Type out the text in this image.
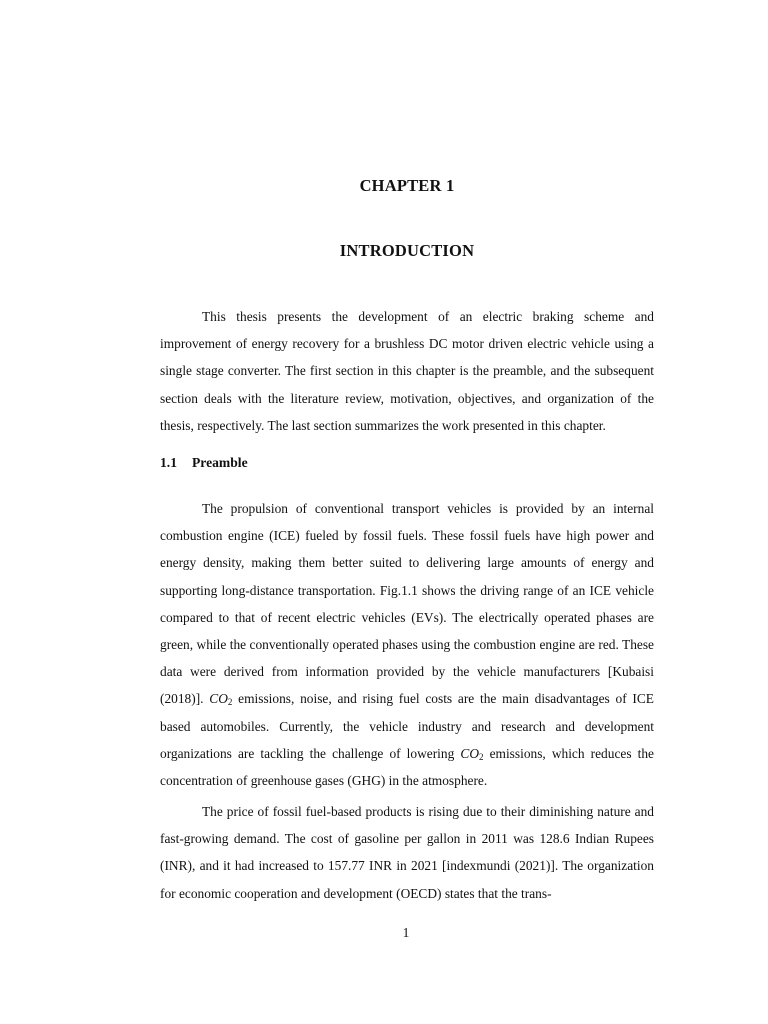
CHAPTER 1
INTRODUCTION

This thesis presents the development of an electric braking scheme and improvement of energy recovery for a brushless DC motor driven electric vehicle using a single stage converter. The first section in this chapter is the preamble, and the subsequent section deals with the literature review, motivation, objectives, and organization of the thesis, respectively. The last section summarizes the work presented in this chapter.

1.1 Preamble

The propulsion of conventional transport vehicles is provided by an internal combustion engine (ICE) fueled by fossil fuels. These fossil fuels have high power and energy density, making them better suited to delivering large amounts of energy and supporting long-distance transportation. Fig.1.1 shows the driving range of an ICE vehicle compared to that of recent electric vehicles (EVs). The electrically operated phases are green, while the conventionally operated phases using the combustion engine are red. These data were derived from information provided by the vehicle manufacturers [Kubaisi (2018)]. $CO_2$ emissions, noise, and rising fuel costs are the main disadvantages of ICE based automobiles. Currently, the vehicle industry and research and development organizations are tackling the challenge of lowering $CO_2$ emissions, which reduces the concentration of greenhouse gases (GHG) in the atmosphere.

The price of fossil fuel-based products is rising due to their diminishing nature and fast-growing demand. The cost of gasoline per gallon in 2011 was 128.6 Indian Rupees (INR), and it had increased to 157.77 INR in 2021 [indexmundi (2021)]. The organization for economic cooperation and development (OECD) states that the trans-

1
